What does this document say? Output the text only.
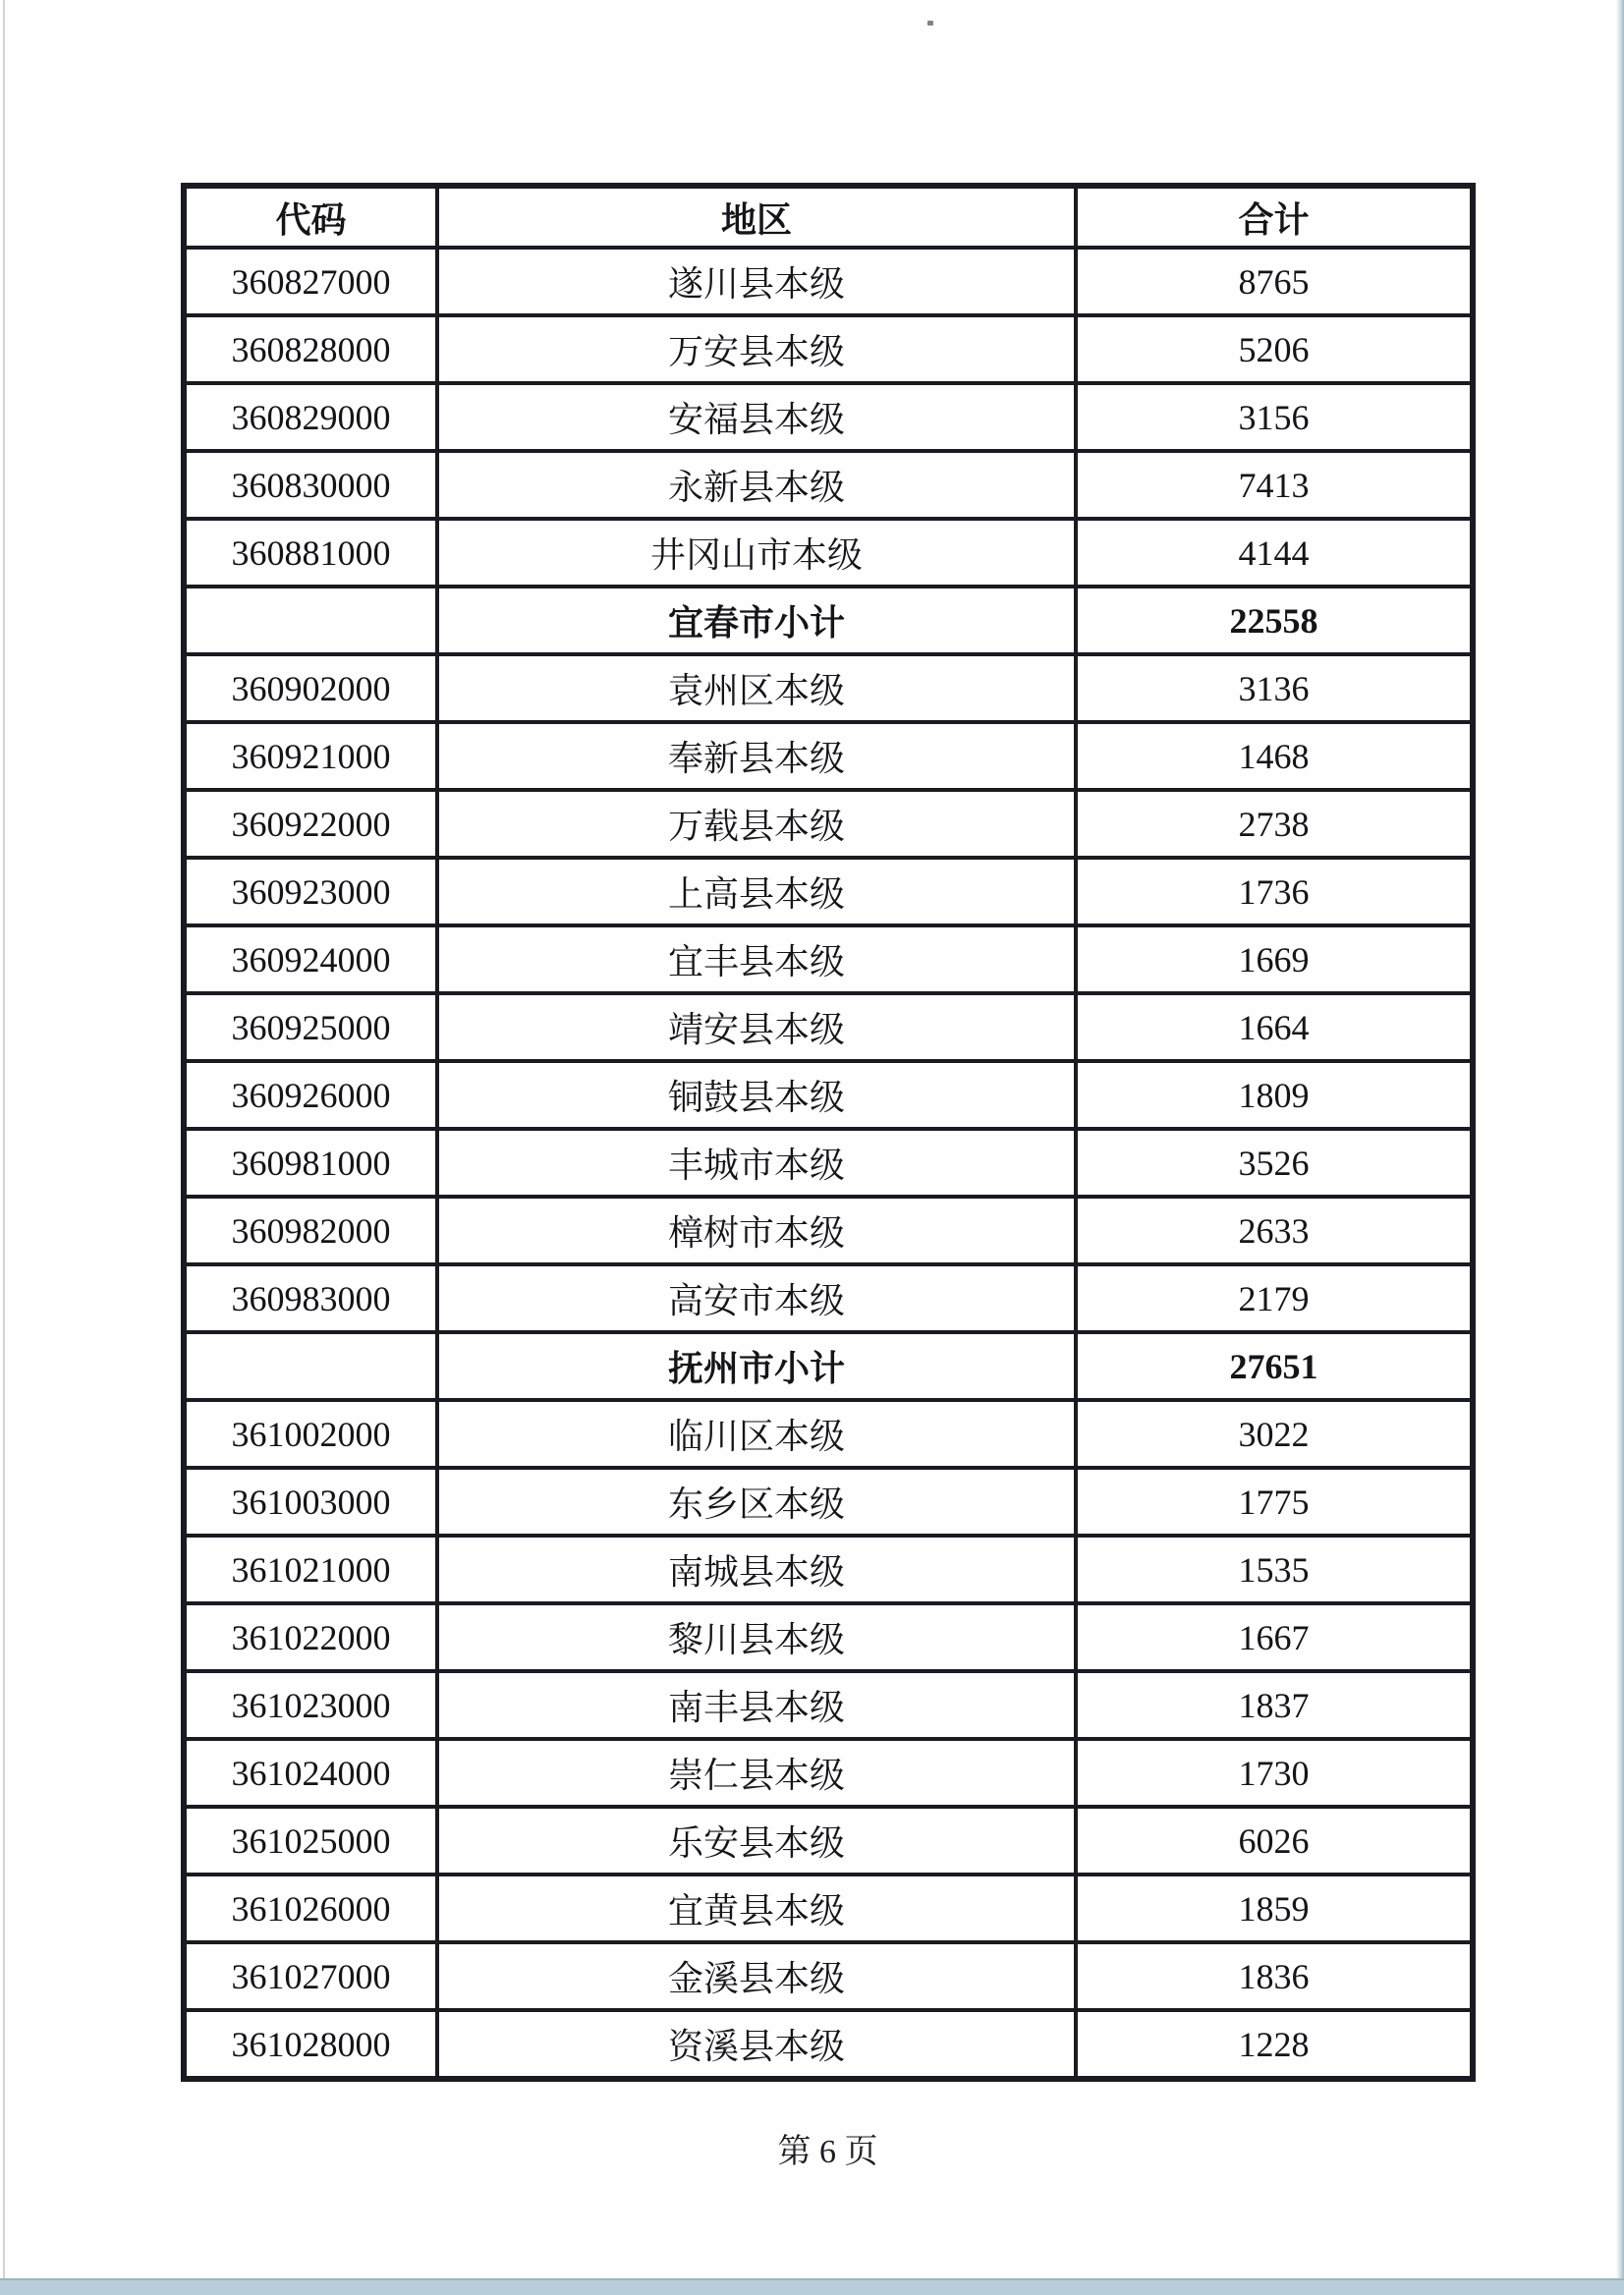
代码	地区	合计
360827000	遂川县本级	8765
360828000	万安县本级	5206
360829000	安福县本级	3156
360830000	永新县本级	7413
360881000	井冈山市本级	4144
	宜春市小计	22558
360902000	袁州区本级	3136
360921000	奉新县本级	1468
360922000	万载县本级	2738
360923000	上高县本级	1736
360924000	宜丰县本级	1669
360925000	靖安县本级	1664
360926000	铜鼓县本级	1809
360981000	丰城市本级	3526
360982000	樟树市本级	2633
360983000	高安市本级	2179
	抚州市小计	27651
361002000	临川区本级	3022
361003000	东乡区本级	1775
361021000	南城县本级	1535
361022000	黎川县本级	1667
361023000	南丰县本级	1837
361024000	崇仁县本级	1730
361025000	乐安县本级	6026
361026000	宜黄县本级	1859
361027000	金溪县本级	1836
361028000	资溪县本级	1228
第 6 页
